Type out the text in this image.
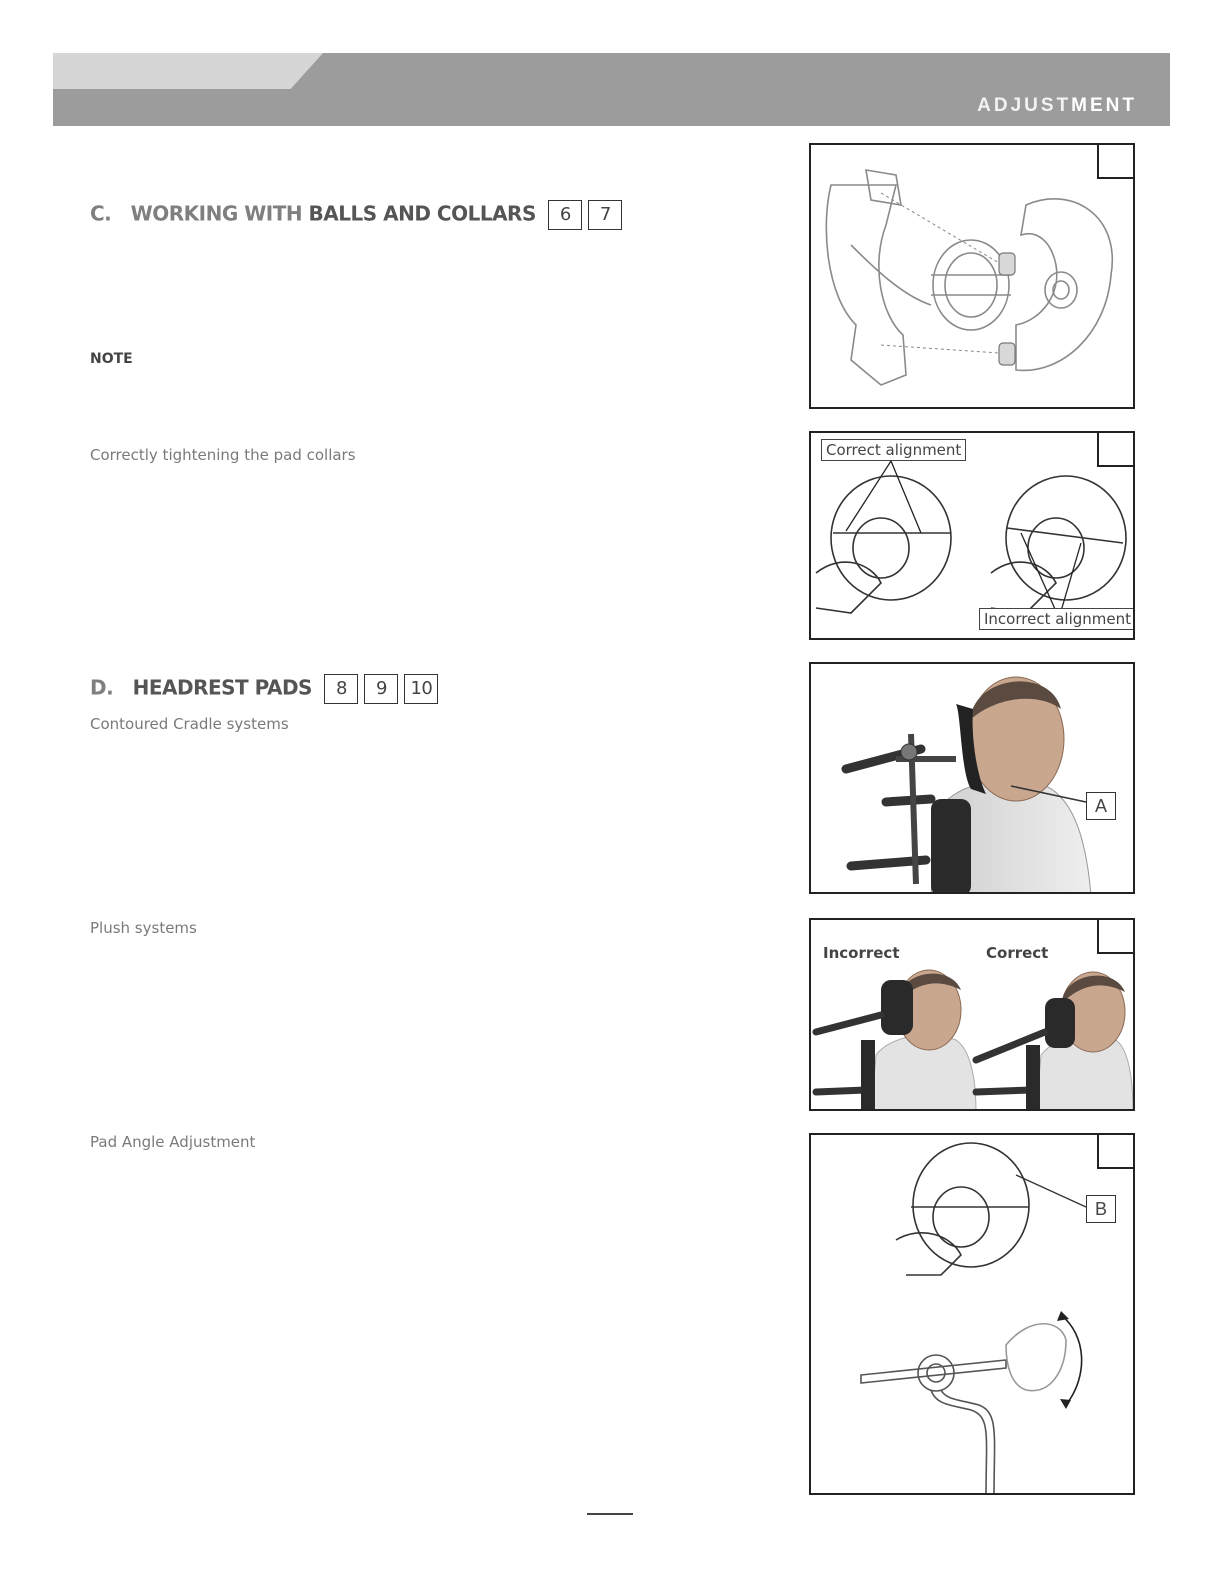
ADJUSTMENT
C. WORKING WITH BALLS AND COLLARS 6 7
NOTE
Correctly tightening the pad collars
D. HEADREST PADS 8 9 10
Contoured Cradle systems
Plush systems
Pad Angle Adjustment
Correct alignment
Incorrect alignment
A
Incorrect	Correct
B
